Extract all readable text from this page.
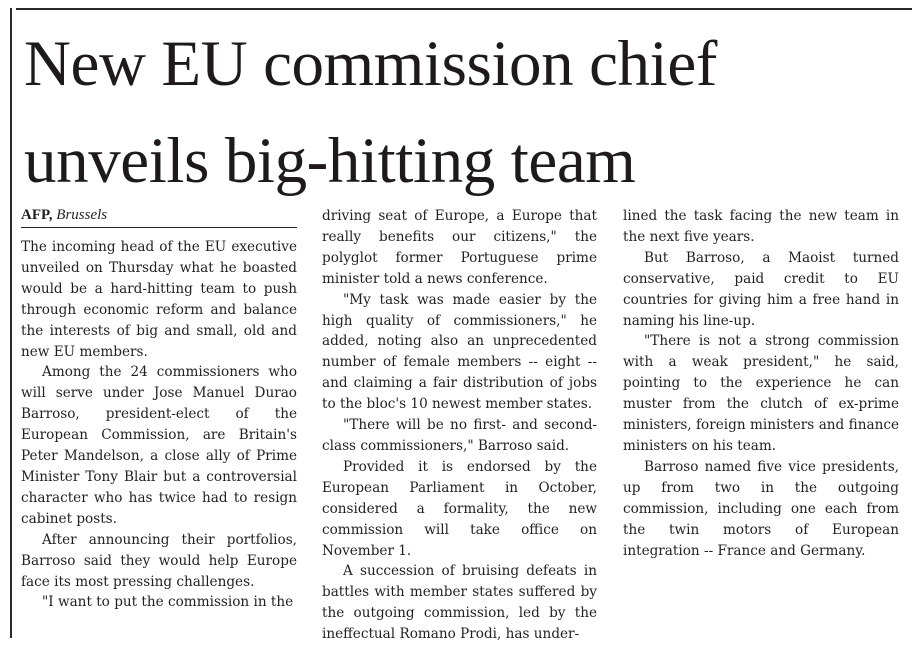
New EU commission chief
unveils big-hitting team
AFP, Brussels

The incoming head of the EU executive unveiled on Thursday what he boasted would be a hard-hitting team to push through economic reform and balance the interests of big and small, old and new EU members.

Among the 24 commissioners who will serve under Jose Manuel Durao Barroso, president-elect of the European Commission, are Britain's Peter Mandelson, a close ally of Prime Minister Tony Blair but a controversial character who has twice had to resign cabinet posts.

After announcing their portfolios, Barroso said they would help Europe face its most pressing challenges.

"I want to put the commission in the

driving seat of Europe, a Europe that really benefits our citizens," the polyglot former Portuguese prime minister told a news conference.

"My task was made easier by the high quality of commissioners," he added, noting also an unprecedented number of female members -- eight -- and claiming a fair distribution of jobs to the bloc's 10 newest member states.

"There will be no first- and second-class commissioners," Barroso said.

Provided it is endorsed by the European Parliament in October, considered a formality, the new commission will take office on November 1.

A succession of bruising defeats in battles with member states suffered by the outgoing commission, led by the ineffectual Romano Prodi, has under-

lined the task facing the new team in the next five years.

But Barroso, a Maoist turned conservative, paid credit to EU countries for giving him a free hand in naming his line-up.

"There is not a strong commission with a weak president," he said, pointing to the experience he can muster from the clutch of ex-prime ministers, foreign ministers and finance ministers on his team.

Barroso named five vice presidents, up from two in the outgoing commission, including one each from the twin motors of European integration -- France and Germany.
